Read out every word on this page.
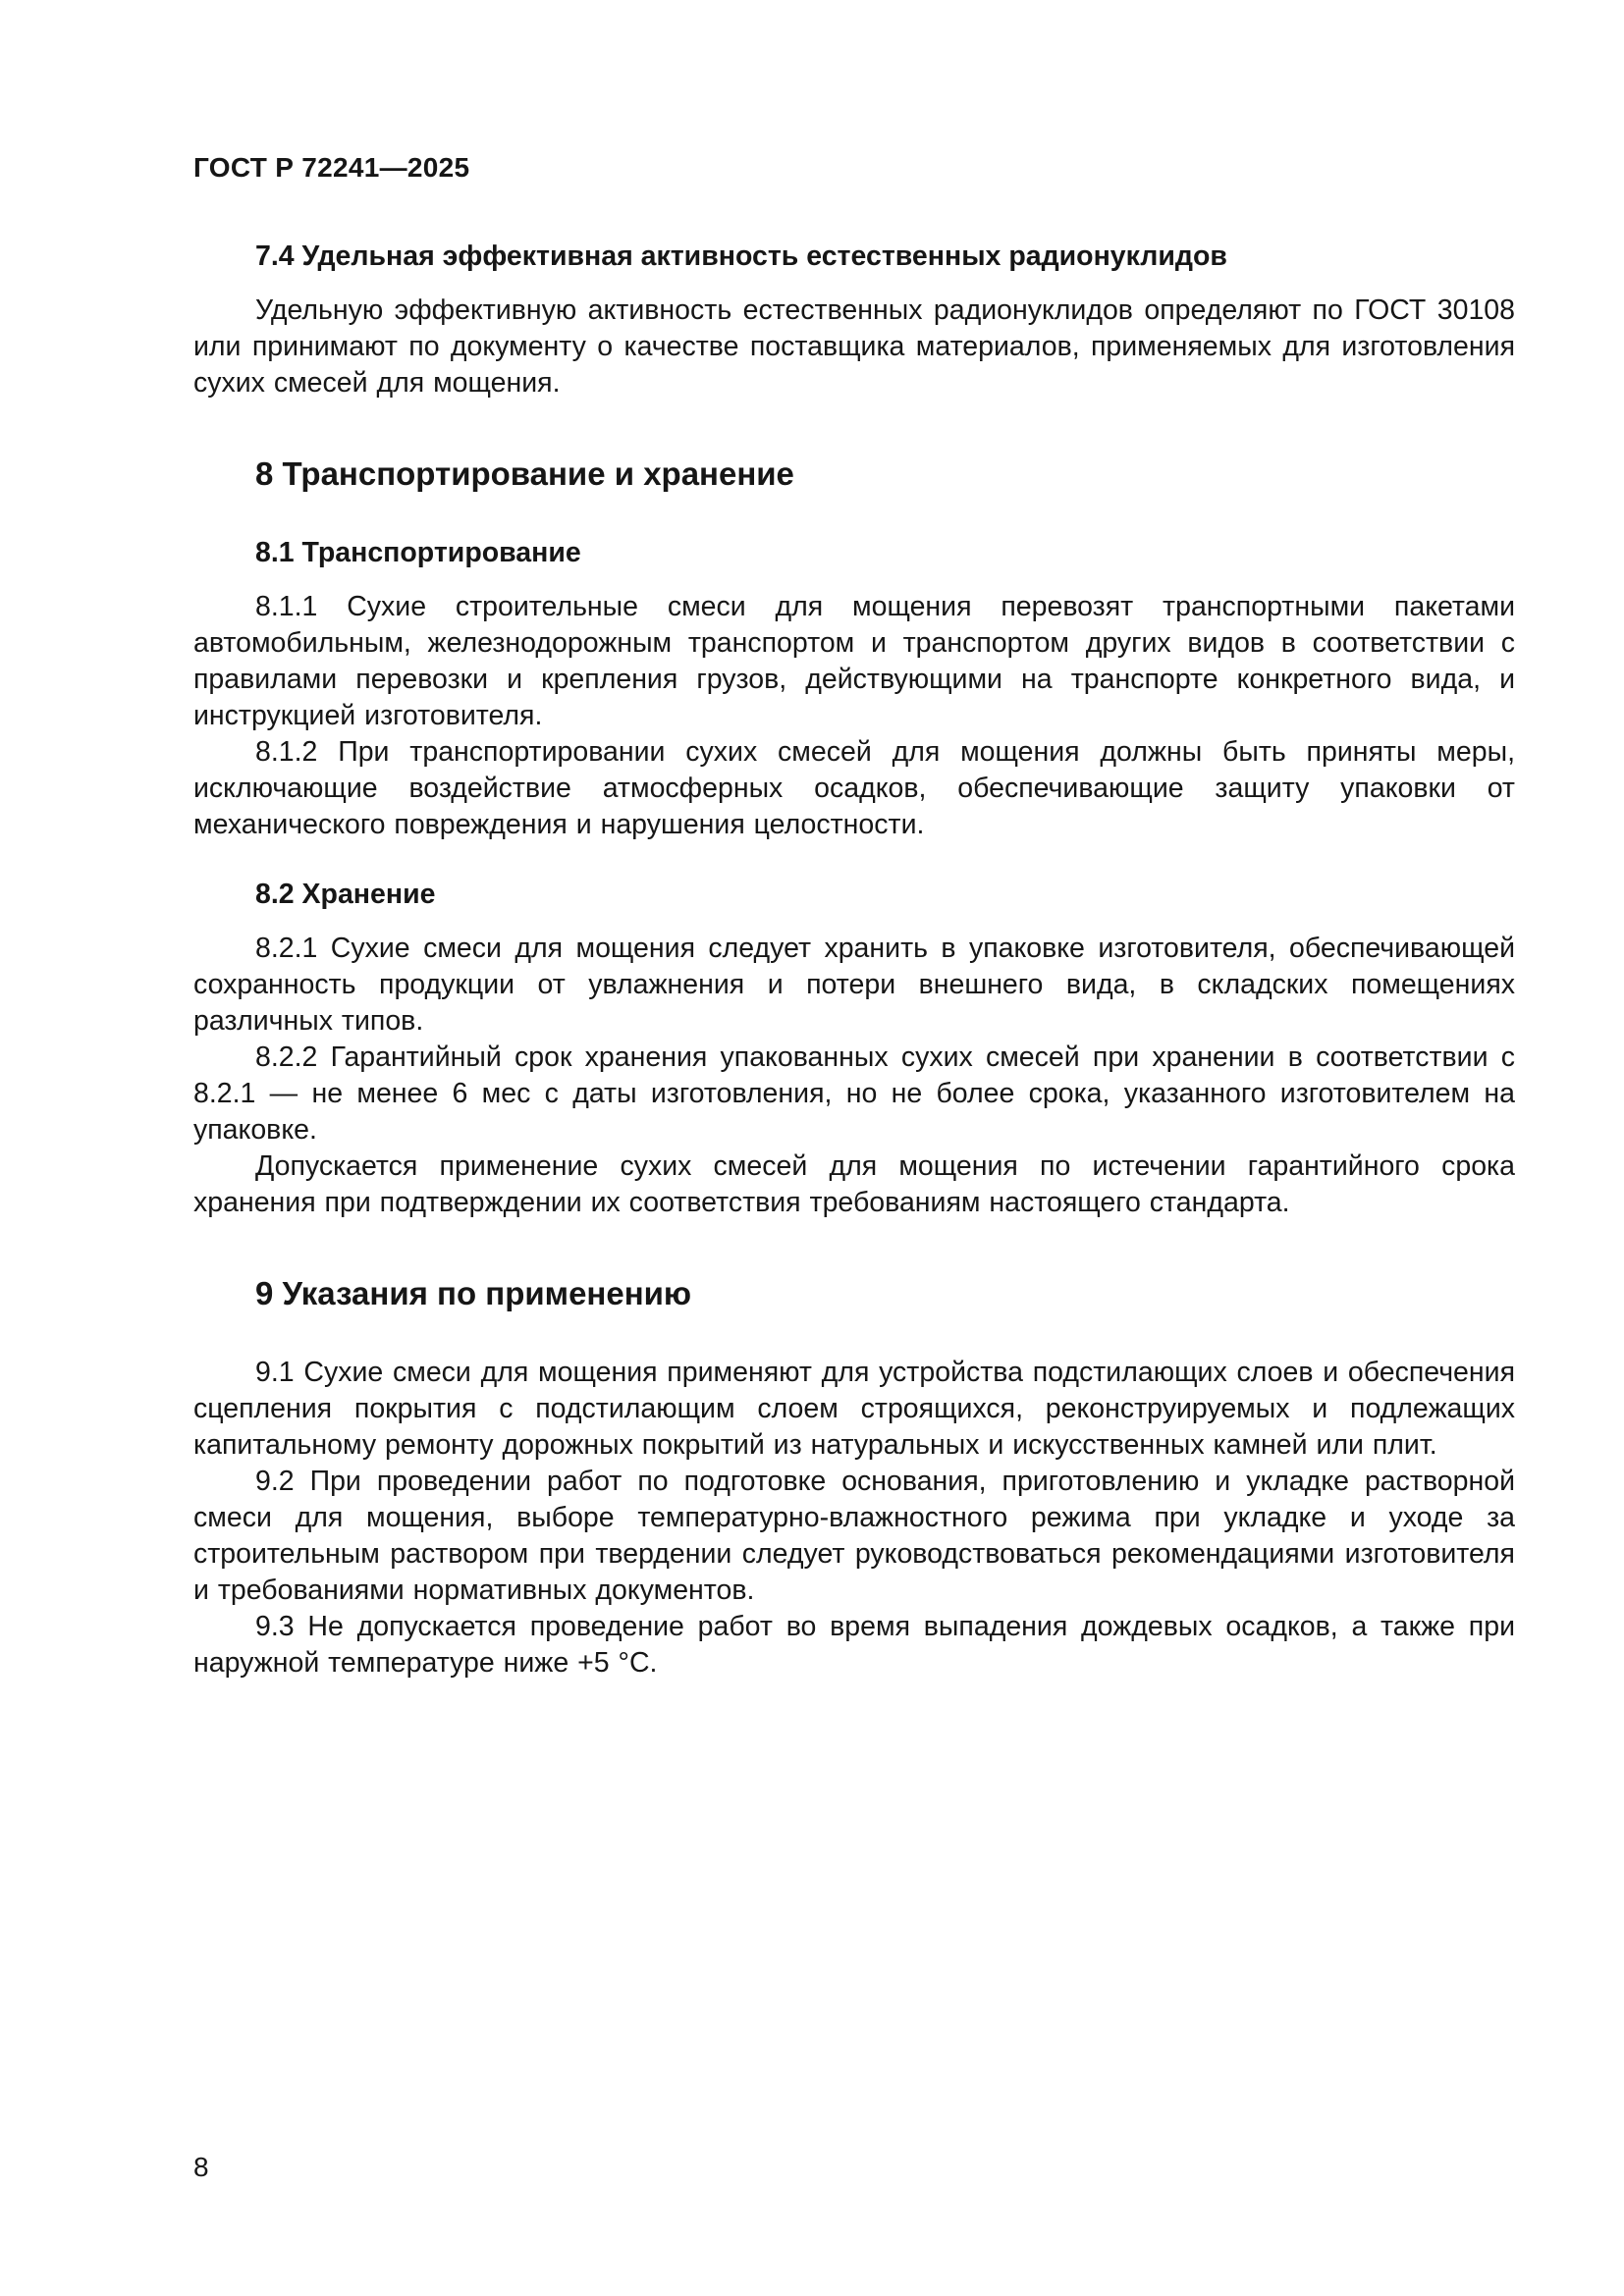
ГОСТ Р 72241—2025
7.4 Удельная эффективная активность естественных радионуклидов

Удельную эффективную активность естественных радионуклидов определяют по ГОСТ 30108 или принимают по документу о качестве поставщика материалов, применяемых для изготовления сухих смесей для мощения.

8 Транспортирование и хранение
8.1 Транспортирование

8.1.1 Сухие строительные смеси для мощения перевозят транспортными пакетами автомобильным, железнодорожным транспортом и транспортом других видов в соответствии с правилами перевозки и крепления грузов, действующими на транспорте конкретного вида, и инструкцией изготовителя.

8.1.2 При транспортировании сухих смесей для мощения должны быть приняты меры, исключающие воздействие атмосферных осадков, обеспечивающие защиту упаковки от механического повреждения и нарушения целостности.

8.2 Хранение

8.2.1 Сухие смеси для мощения следует хранить в упаковке изготовителя, обеспечивающей сохранность продукции от увлажнения и потери внешнего вида, в складских помещениях различных типов.

8.2.2 Гарантийный срок хранения упакованных сухих смесей при хранении в соответствии с 8.2.1 — не менее 6 мес с даты изготовления, но не более срока, указанного изготовителем на упаковке.

Допускается применение сухих смесей для мощения по истечении гарантийного срока хранения при подтверждении их соответствия требованиям настоящего стандарта.

9 Указания по применению

9.1 Сухие смеси для мощения применяют для устройства подстилающих слоев и обеспечения сцепления покрытия с подстилающим слоем строящихся, реконструируемых и подлежащих капитальному ремонту дорожных покрытий из натуральных и искусственных камней или плит.

9.2 При проведении работ по подготовке основания, приготовлению и укладке растворной смеси для мощения, выборе температурно-влажностного режима при укладке и уходе за строительным раствором при твердении следует руководствоваться рекомендациями изготовителя и требованиями нормативных документов.

9.3 Не допускается проведение работ во время выпадения дождевых осадков, а также при наружной температуре ниже +5 °С.

8
